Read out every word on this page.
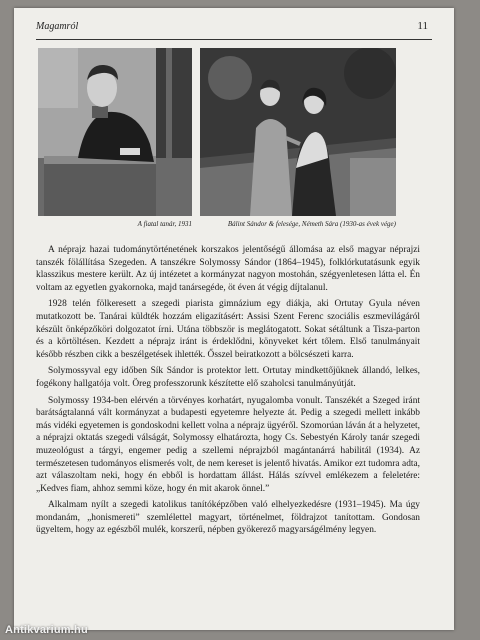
Magamról	11
A fiatal tanár, 1931	Bálint Sándor & felesége, Németh Sára (1930-as évek vége)

A néprajz hazai tudománytörténetének korszakos jelentőségű állomása az első magyar néprajzi tanszék fölállítása Szegeden. A tanszékre Solymossy Sándor (1864–1945), folklórkutatásunk egyik klasszikus mestere került. Az új intézetet a kormányzat nagyon mostohán, szégyenletesen látta el. Én voltam az egyetlen gyakornoka, majd tanársegéde, öt éven át végig díjtalanul.

1928 telén fölkeresett a szegedi piarista gimnázium egy diákja, aki Ortutay Gyula néven mutatkozott be. Tanárai küldték hozzám eligazításért: Assisi Szent Ferenc szociális eszmevilágáról készült önképzőköri dolgozatot írni. Utána többször is meglátogatott. Sokat sétáltunk a Tisza-parton és a körtöltésen. Kezdett a néprajz iránt is érdeklődni, könyveket kért tőlem. Első tanulmányait később részben cikk a beszélgetések ihlették. Ősszel beiratkozott a bölcsészeti karra.

Solymossyval egy időben Sík Sándor is protektor lett. Ortutay mindkettőjüknek állandó, lelkes, fogékony hallgatója volt. Öreg professzorunk készítette elő szaholcsi tanulmányútját.

Solymossy 1934-ben elérvén a törvényes korhatárt, nyugalomba vonult. Tanszékét a Szeged iránt barátságtalanná vált kormányzat a budapesti egyetemre helyezte át. Pedig a szegedi mellett inkább más vidéki egyetemen is gondoskodni kellett volna a néprajz ügyéről. Szomorúan láván át a helyzetet, a néprajzi oktatás szegedi válságát, Solymossy elhatározta, hogy Cs. Sebestyén Károly tanár szegedi muzeológust a tárgyi, engemer pedig a szellemi néprajzból magántanárrá habilitál (1934). Az természetesen tudományos elismerés volt, de nem kereset is jelentő hivatás. Amikor ezt tudomra adta, azt válaszoltam neki, hogy én ebből is hordattam állást. Hálás szívvel emlékezem a feleletére: „Kedves fiam, ahhoz semmi köze, hogy én mit akarok önnel.”

Alkalmam nyílt a szegedi katolikus tanítóképzőben való elhelyezkedésre (1931–1945). Ma úgy mondanám, „honismereti” szemlélettel magyart, történelmet, földrajzot tanítottam. Gondosan ügyeltem, hogy az egészből mulék, korszerű, népben gyökerező magyarságélmény legyen.

Antikvarium.hu
